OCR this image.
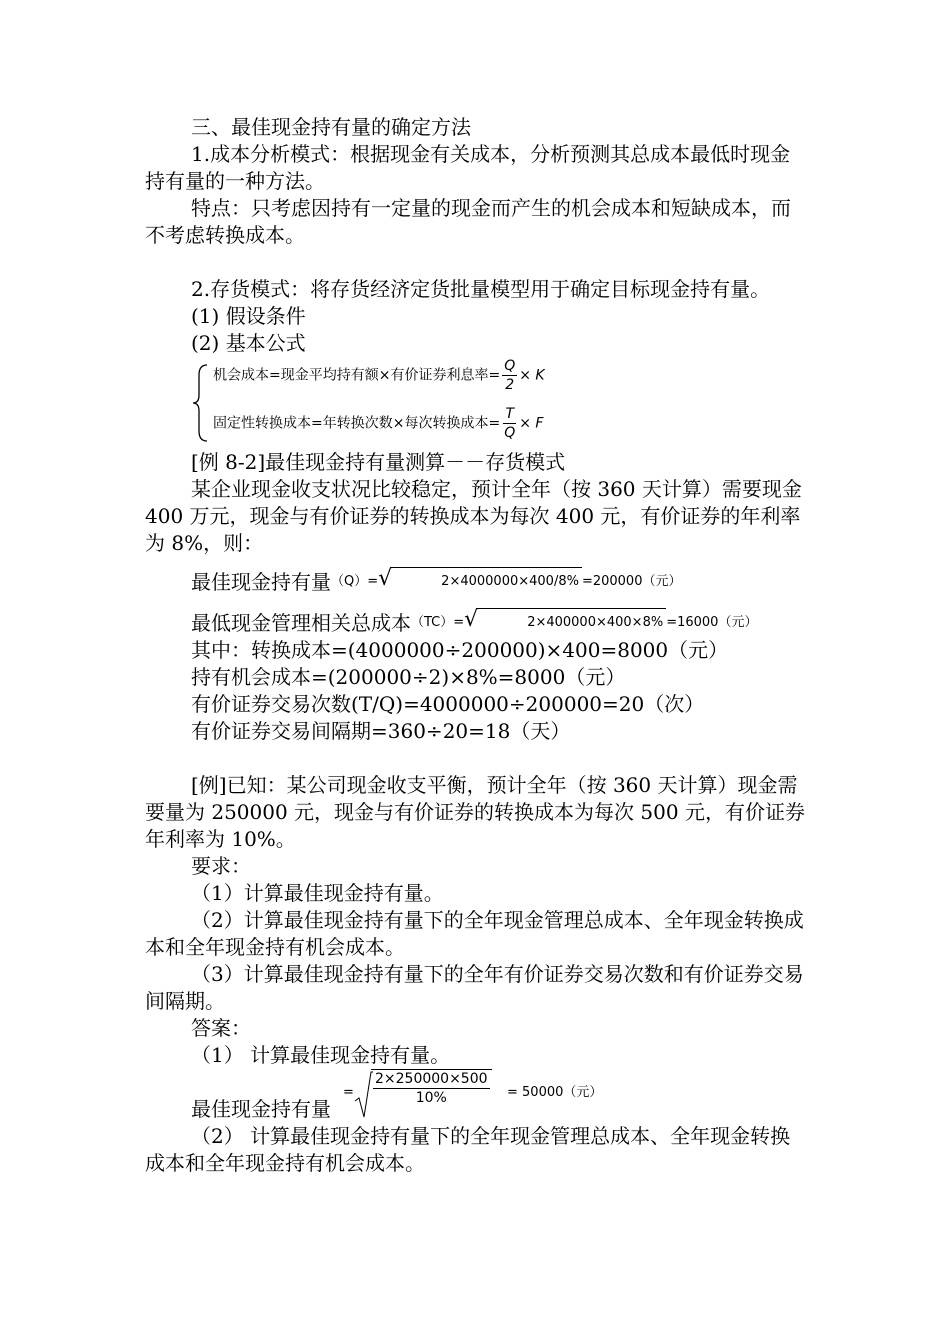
三、最佳现金持有量的确定方法

1.成本分析模式：根据现金有关成本，分析预测其总成本最低时现金持有量的一种方法。

特点：只考虑因持有一定量的现金而产生的机会成本和短缺成本，而不考虑转换成本。

2.存货模式：将存货经济定货批量模型用于确定目标现金持有量。

(1) 假设条件

(2) 基本公式

机会成本=现金平均持有额×有价证券利息率= $\frac{Q}{2} \times K$
固定性转换成本=年转换次数×每次转换成本= $\frac{T}{Q} \times F$

[例 8-2]最佳现金持有量测算－－存货模式

某企业现金收支状况比较稳定，预计全年（按 360 天计算）需要现金 400 万元，现金与有价证券的转换成本为每次 400 元，有价证券的年利率为 8%，则：

最佳现金持有量$^{(Q)=}$√	2×4000000×400/8% $^{=200000(元)}$

最低现金管理相关总成本$^{(TC)=}$√	2×400000×400×8% $^{=16000(元)}$

其中：转换成本=(4000000÷200000)×400=8000（元）

持有机会成本=(200000÷2)×8%=8000（元）

有价证券交易次数(T/Q)=4000000÷200000=20（次）

有价证券交易间隔期=360÷20=18（天）

[例]已知：某公司现金收支平衡，预计全年（按 360 天计算）现金需要量为 250000 元，现金与有价证券的转换成本为每次 500 元，有价证券年利率为 10%。

要求：

（1）计算最佳现金持有量。

（2）计算最佳现金持有量下的全年现金管理总成本、全年现金转换成本和全年现金持有机会成本。

（3）计算最佳现金持有量下的全年有价证券交易次数和有价证券交易间隔期。

答案：

（1） 计算最佳现金持有量。

最佳现金持有量
= $\frac{2\times 250000\times 500}{10\%} = 50000$（元）

（2） 计算最佳现金持有量下的全年现金管理总成本、全年现金转换成本和全年现金持有机会成本。
